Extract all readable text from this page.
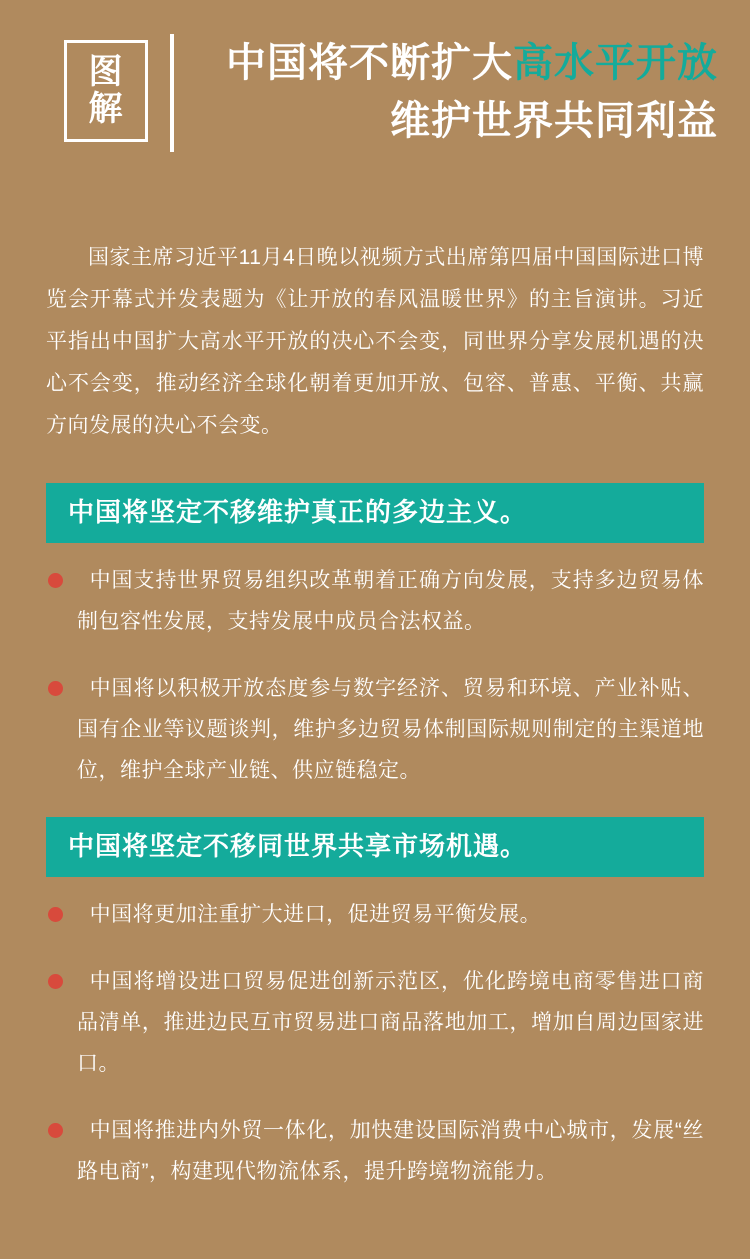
图
解
中国将不断扩大高水平开放
维护世界共同利益

国家主席习近平11月4日晚以视频方式出席第四届中国国际进口博览会开幕式并发表题为《让开放的春风温暖世界》的主旨演讲。习近平指出中国扩大高水平开放的决心不会变，同世界分享发展机遇的决心不会变，推动经济全球化朝着更加开放、包容、普惠、平衡、共赢方向发展的决心不会变。

中国将坚定不移维护真正的多边主义。
中国支持世界贸易组织改革朝着正确方向发展，支持多边贸易体制包容性发展，支持发展中成员合法权益。
中国将以积极开放态度参与数字经济、贸易和环境、产业补贴、国有企业等议题谈判，维护多边贸易体制国际规则制定的主渠道地位，维护全球产业链、供应链稳定。
中国将坚定不移同世界共享市场机遇。
中国将更加注重扩大进口，促进贸易平衡发展。
中国将增设进口贸易促进创新示范区，优化跨境电商零售进口商品清单，推进边民互市贸易进口商品落地加工，增加自周边国家进口。
中国将推进内外贸一体化，加快建设国际消费中心城市，发展“丝路电商”，构建现代物流体系，提升跨境物流能力。
